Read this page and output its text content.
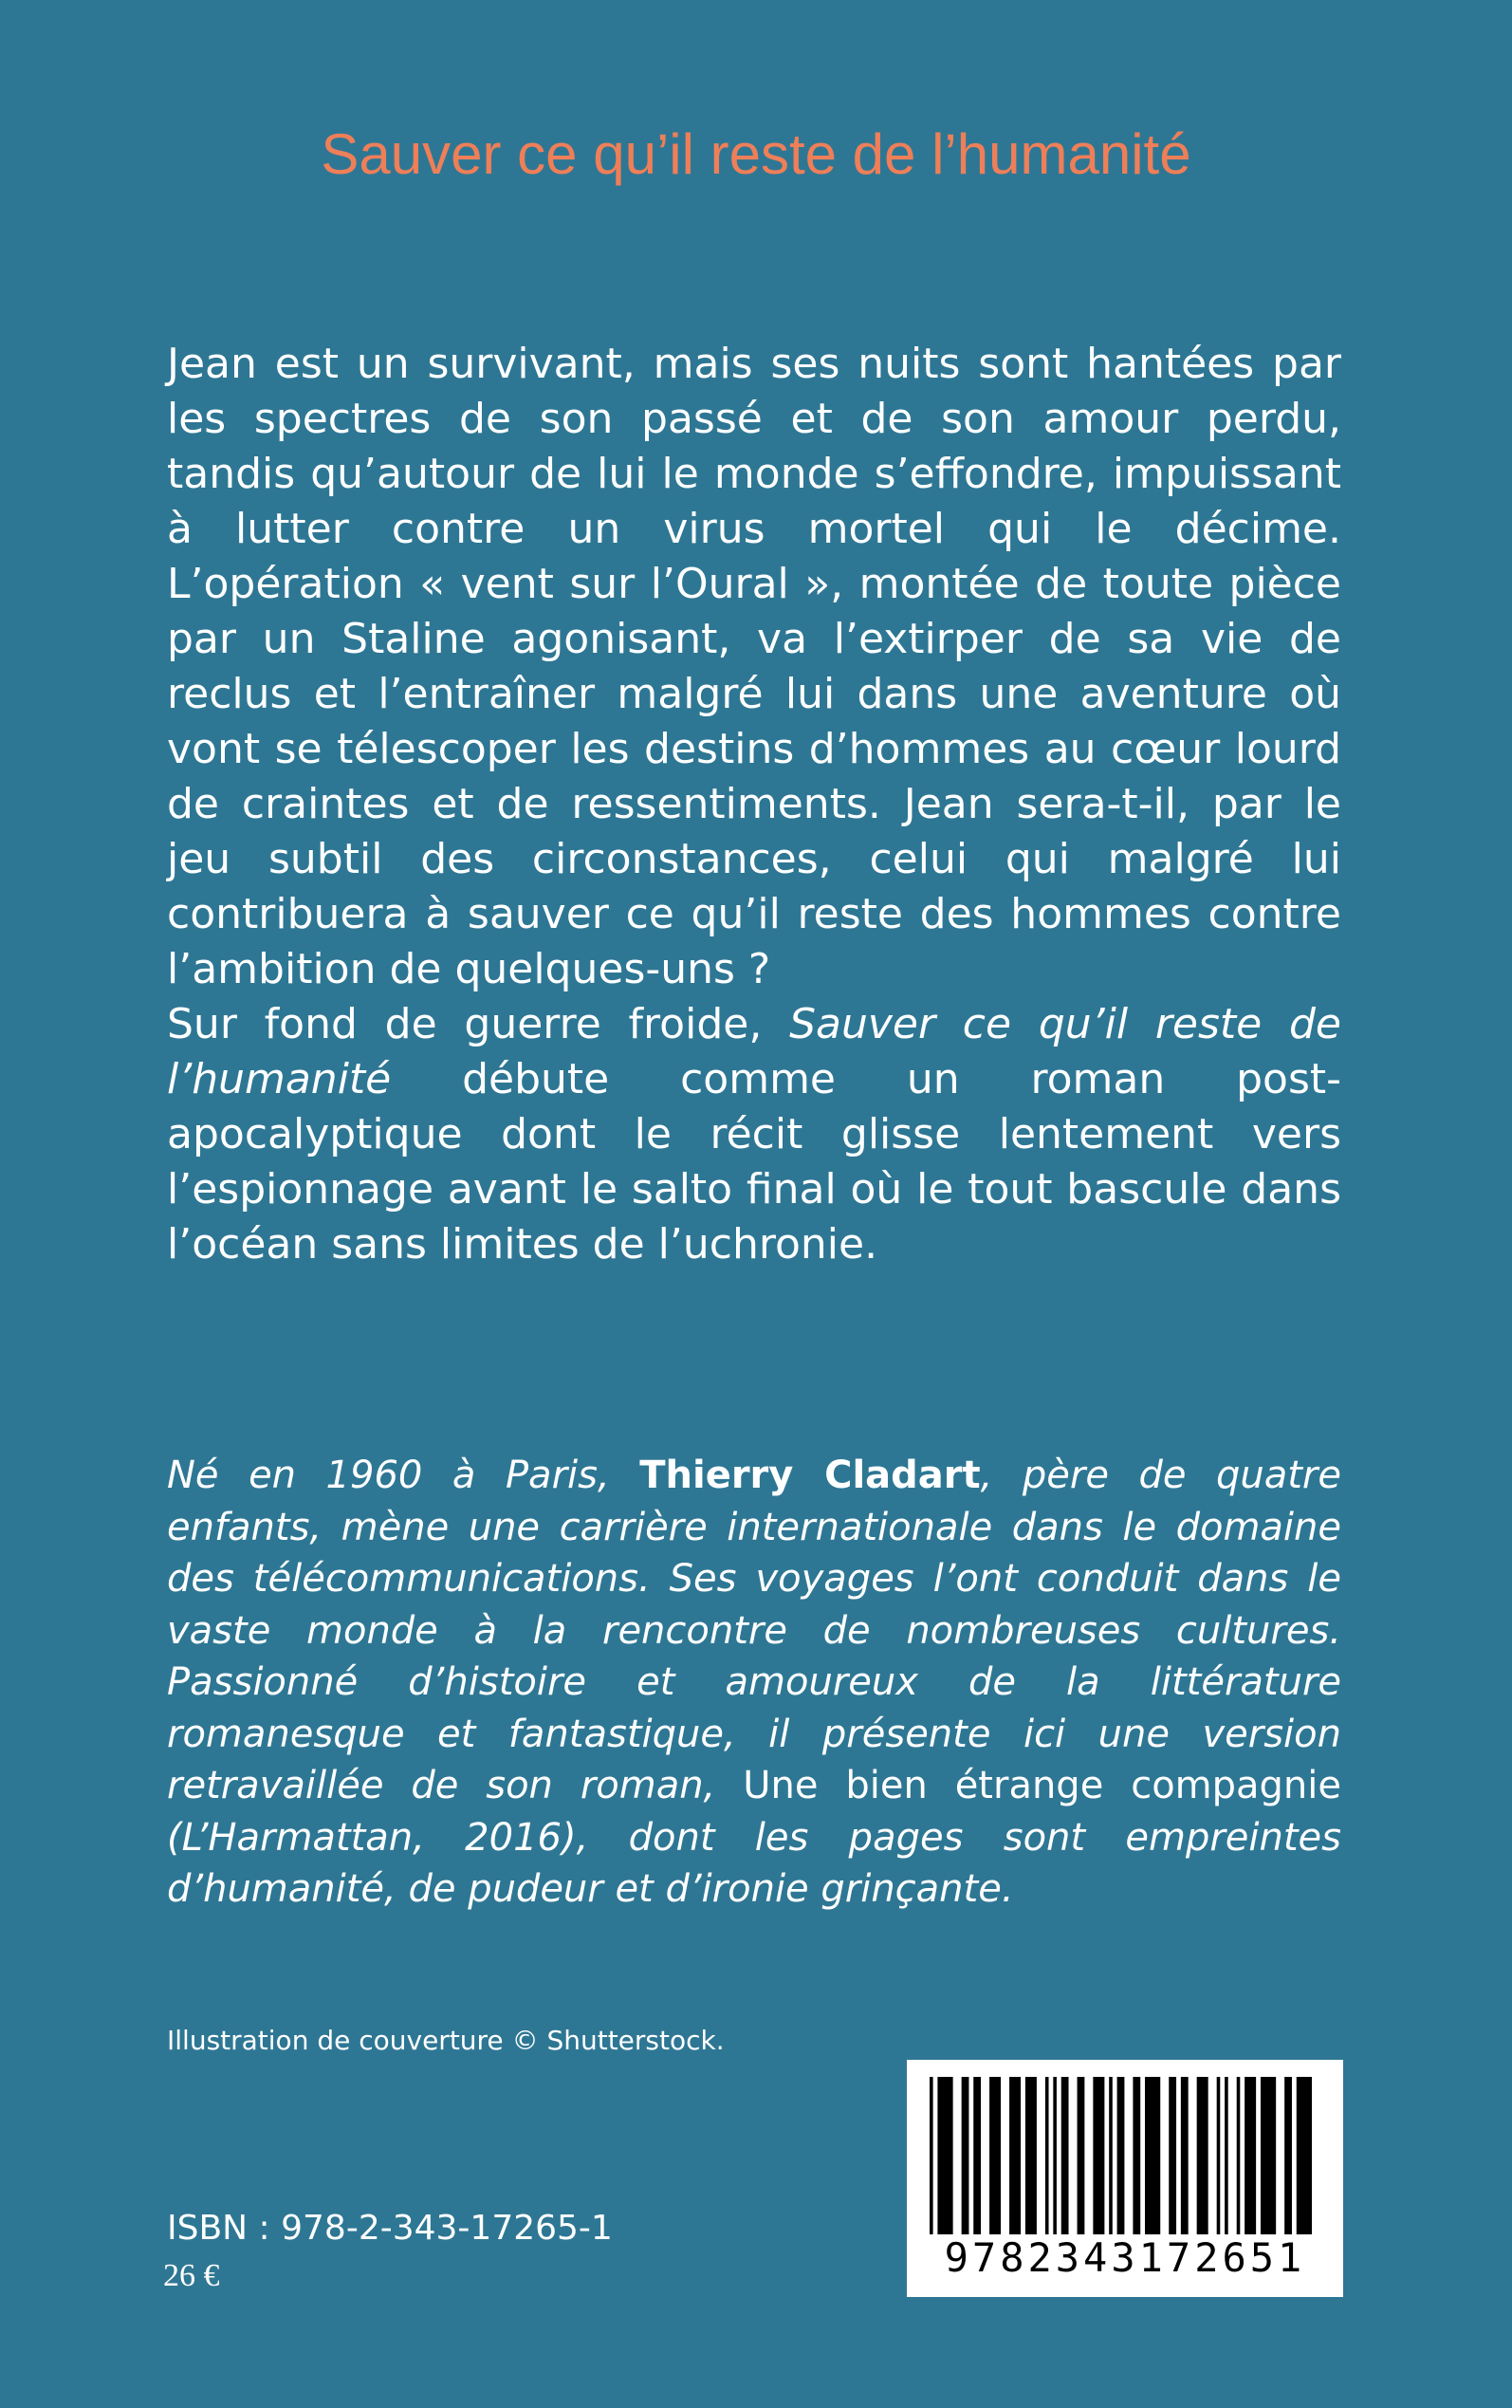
Sauver ce qu’il reste de l’humanité

Jean est un survivant, mais ses nuits sont hantées par les spectres de son passé et de son amour perdu, tandis qu’autour de lui le monde s’effondre, impuissant à lutter contre un virus mortel qui le décime. L’opération « vent sur l’Oural », montée de toute pièce par un Staline agonisant, va l’extirper de sa vie de reclus et l’entraîner malgré lui dans une aventure où vont se télescoper les destins d’hommes au cœur lourd de craintes et de ressentiments. Jean sera-t-il, par le jeu subtil des circonstances, celui qui malgré lui contribuera à sauver ce qu’il reste des hommes contre l’ambition de quelques-uns ?

Sur fond de guerre froide, Sauver ce qu’il reste de l’humanité débute comme un roman post-apocalyptique dont le récit glisse lentement vers l’espionnage avant le salto final où le tout bascule dans l’océan sans limites de l’uchronie.

Né en 1960 à Paris, Thierry Cladart, père de quatre enfants, mène une carrière internationale dans le domaine des télécommunications. Ses voyages l’ont conduit dans le vaste monde à la rencontre de nombreuses cultures. Passionné d’histoire et amoureux de la littérature romanesque et fantastique, il présente ici une version retravaillée de son roman, Une bien étrange compagnie (L’Harmattan, 2016), dont les pages sont empreintes d’humanité, de pudeur et d’ironie grinçante.

Illustration de couverture © Shutterstock.

ISBN : 978-2-343-17265-1

26 €	9782343172651
